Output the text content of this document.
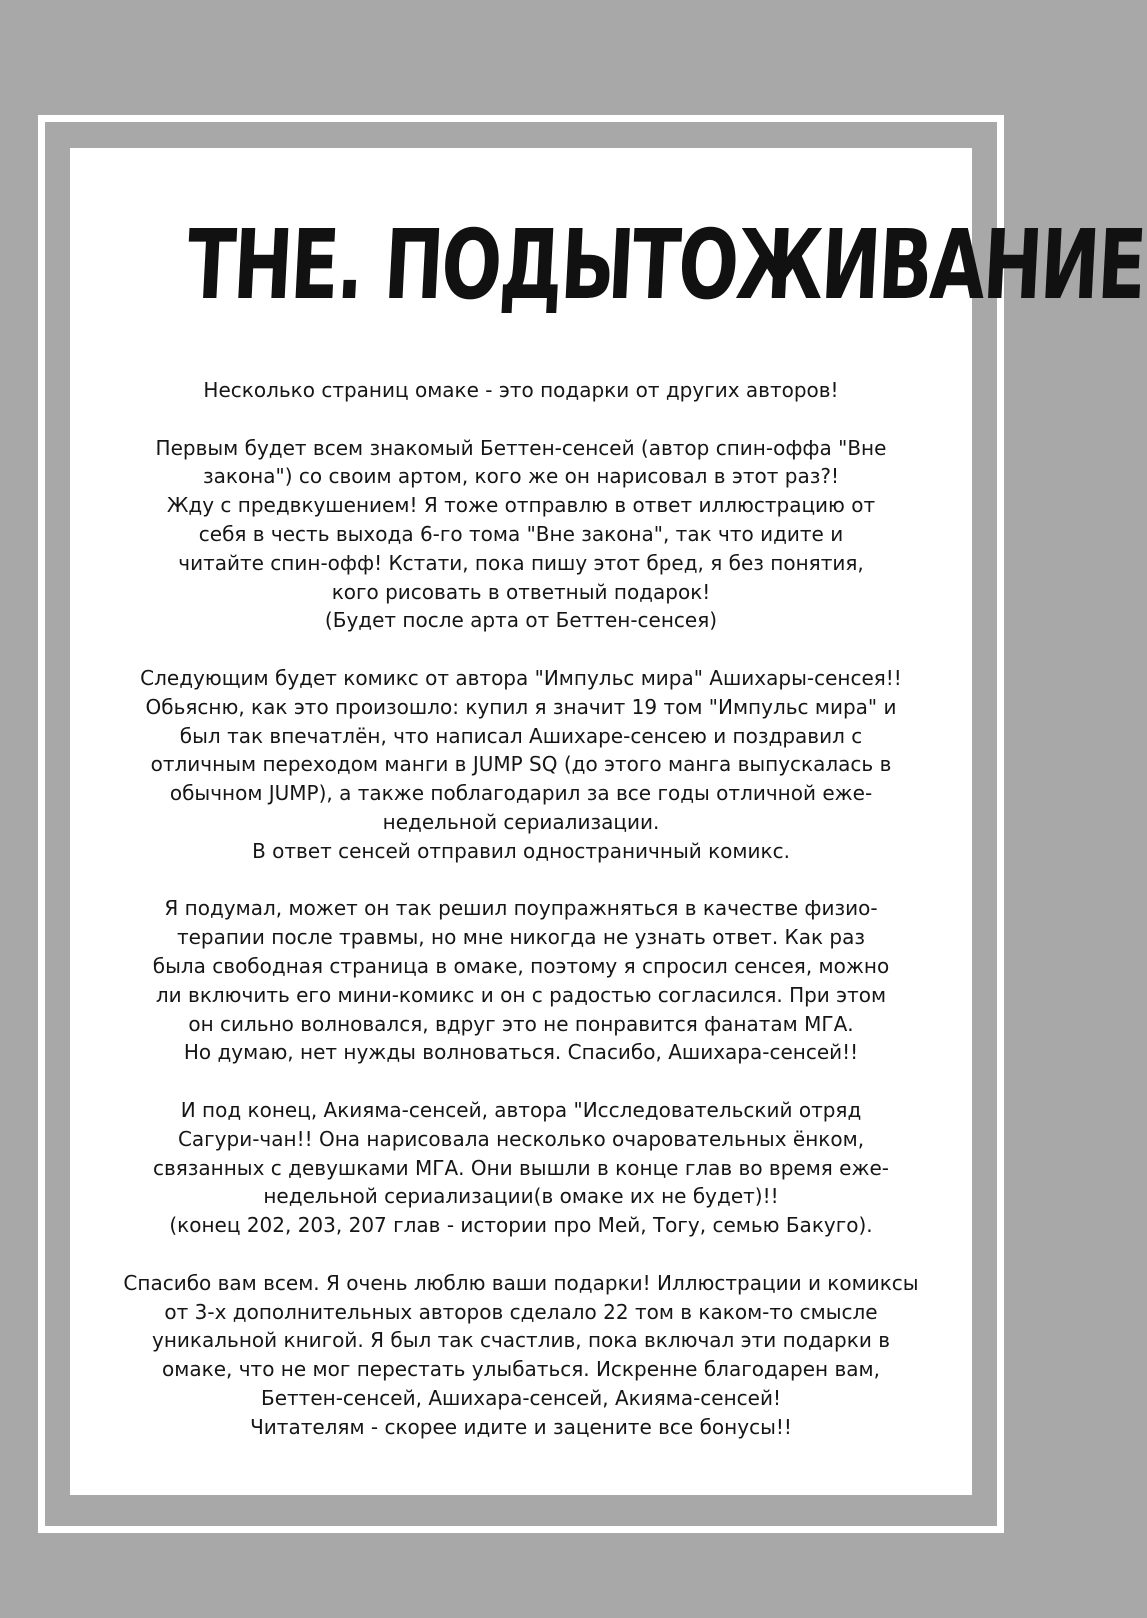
THE. ПОДЫТОЖИВАНИЕ

Несколько страниц омаке - это подарки от других авторов!

Первым будет всем знакомый Беттен-сенсей (автор спин-оффа "Вне
закона") со своим артом, кого же он нарисовал в этот раз?!
Жду с предвкушением! Я тоже отправлю в ответ иллюстрацию от
себя в честь выхода 6-го тома "Вне закона", так что идите и
читайте спин-офф! Кстати, пока пишу этот бред, я без понятия,
кого рисовать в ответный подарок!
(Будет после арта от Беттен-сенсея)

Следующим будет комикс от автора "Импульс мира" Ашихары-сенсея!!
Обьясню, как это произошло: купил я значит 19 том "Импульс мира" и
был так впечатлён, что написал Ашихаре-сенсею и поздравил с
отличным переходом манги в JUMP SQ (до этого манга выпускалась в
обычном JUMP), а также поблагодарил за все годы отличной еже-
недельной сериализации.
В ответ сенсей отправил одностраничный комикс.

Я подумал, может он так решил поупражняться в качестве физио-
терапии после травмы, но мне никогда не узнать ответ. Как раз
была свободная страница в омаке, поэтому я спросил сенсея, можно
ли включить его мини-комикс и он с радостью согласился. При этом
он сильно волновался, вдруг это не понравится фанатам МГА.
Но думаю, нет нужды волноваться. Спасибо, Ашихара-сенсей!!

И под конец, Акияма-сенсей, автора "Исследовательский отряд
Сагури-чан!! Она нарисовала несколько очаровательных ёнком,
связанных с девушками МГА. Они вышли в конце глав во время еже-
недельной сериализации(в омаке их не будет)!!
(конец 202, 203, 207 глав - истории про Мей, Тогу, семью Бакуго).

Спасибо вам всем. Я очень люблю ваши подарки! Иллюстрации и комиксы
от 3-х дополнительных авторов сделало 22 том в каком-то смысле
уникальной книгой. Я был так счастлив, пока включал эти подарки в
омаке, что не мог перестать улыбаться. Искренне благодарен вам,
Беттен-сенсей, Ашихара-сенсей, Акияма-сенсей!
Читателям - скорее идите и зацените все бонусы!!
